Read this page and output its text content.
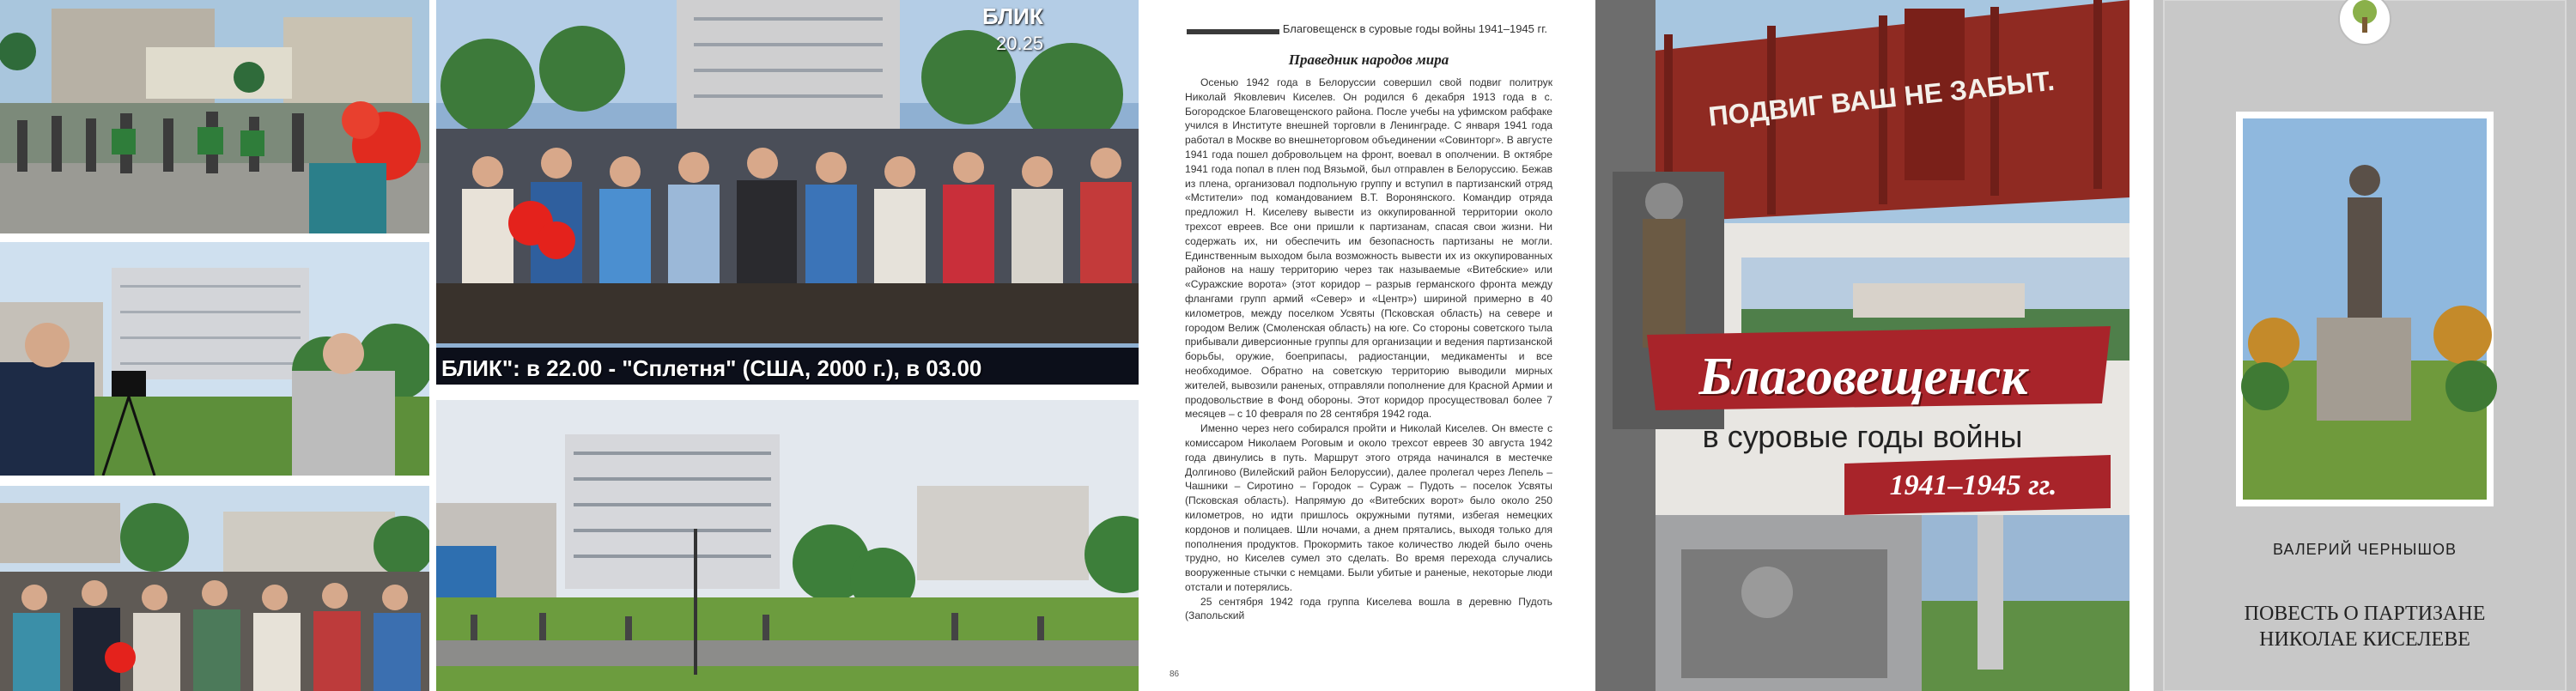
БЛИК
20.25
БЛИК": в 22.00 - "Сплетня" (США, 2000 г.), в 03.00
Благовещенск в суровые годы войны 1941–1945 гг.
Праведник народов мира

Осенью 1942 года в Белоруссии совершил свой подвиг политрук Николай Яковлевич Киселев. Он родился 6 декабря 1913 года в с. Богородское Благовещенского района. После учебы на уфимском рабфаке учился в Институте внешней торговли в Ленинграде. С января 1941 года работал в Москве во внешнеторговом объединении «Совинторг». В августе 1941 года пошел добровольцем на фронт, воевал в ополчении. В октябре 1941 года попал в плен под Вязьмой, был отправлен в Белоруссию. Бежав из плена, организовал подпольную группу и вступил в партизанский отряд «Мстители» под командованием В.Т. Воронянского. Командир отряда предложил Н. Киселеву вывести из оккупированной территории около трехсот евреев. Все они пришли к партизанам, спасая свои жизни. Ни содержать их, ни обеспечить им безопасность партизаны не могли. Единственным выходом была возможность вывести их из оккупированных районов на нашу территорию через так называемые «Витебские» или «Суражские ворота» (этот коридор – разрыв германского фронта между флангами групп армий «Север» и «Центр») шириной примерно в 40 километров, между поселком Усвяты (Псковская область) на севере и городом Велиж (Смоленская область) на юге. Со стороны советского тыла прибывали диверсионные группы для организации и ведения партизанской борьбы, оружие, боеприпасы, радиостанции, медикаменты и все необходимое. Обратно на советскую территорию выводили мирных жителей, вывозили раненых, отправляли пополнение для Красной Армии и продовольствие в Фонд обороны. Этот коридор просуществовал более 7 месяцев – с 10 февраля по 28 сентября 1942 года.

Именно через него собирался пройти и Николай Киселев. Он вместе с комиссаром Николаем Роговым и около трехсот евреев 30 августа 1942 года двинулись в путь. Маршрут этого отряда начинался в местечке Долгиново (Вилейский район Белоруссии), далее пролегал через Лепель – Чашники – Сиротино – Городок – Сураж – Пудоть – поселок Усвяты (Псковская область). Напрямую до «Витебских ворот» было около 250 километров, но идти пришлось окружными путями, избегая немецких кордонов и полицаев. Шли ночами, а днем прятались, выходя только для пополнения продуктов. Прокормить такое количество людей было очень трудно, но Киселев сумел это сделать. Во время перехода случались вооруженные стычки с немцами. Были убитые и раненые, некоторые люди отстали и потерялись.

25 сентября 1942 года группа Киселева вошла в деревню Пудоть (Запольский

86
ПОДВИГ ВАШ НЕ ЗАБЫТ.
Благовещенск
в суровые годы войны
1941–1945 гг.
ВАЛЕРИЙ ЧЕРНЫШОВ
ПОВЕСТЬ О ПАРТИЗАНЕ
НИКОЛАЕ КИСЕЛЕВЕ
